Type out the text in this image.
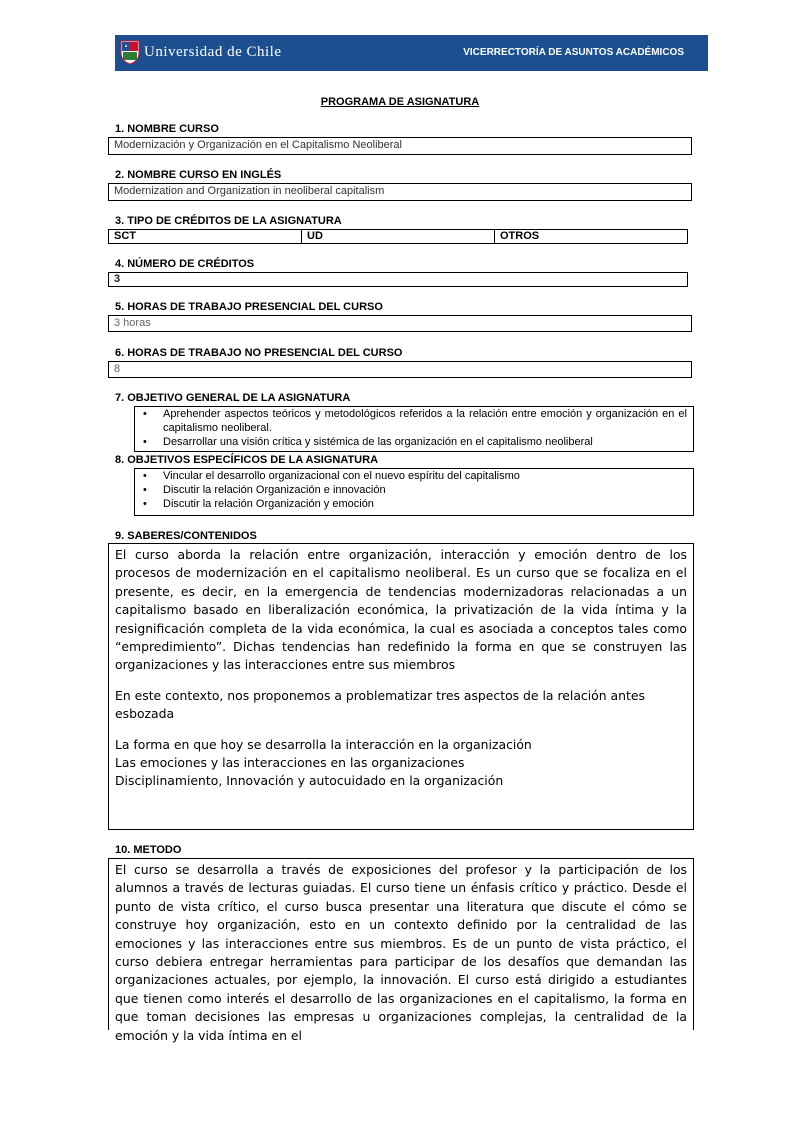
Universidad de Chile	VICERRECTORÍA DE ASUNTOS ACADÉMICOS
PROGRAMA DE ASIGNATURA
1. NOMBRE CURSO
Modernización y Organización en el Capitalismo Neoliberal
2. NOMBRE CURSO EN INGLÉS
Modernization and Organization in neoliberal capitalism
3. TIPO DE CRÉDITOS DE LA ASIGNATURA
SCT	UD	OTROS
4. NÚMERO DE CRÉDITOS
3
5. HORAS DE TRABAJO PRESENCIAL DEL CURSO
3 horas
6. HORAS DE TRABAJO NO PRESENCIAL DEL CURSO
8
7. OBJETIVO GENERAL DE LA ASIGNATURA
• Aprehender aspectos teóricos y metodológicos referidos a la relación entre emoción y organización en el capitalismo neoliberal.
• Desarrollar una visión crítica y sistémica de las organización en el capitalismo neoliberal
8. OBJETIVOS ESPECÍFICOS DE LA ASIGNATURA
• Vincular el desarrollo organizacional con el nuevo espíritu del capitalismo
• Discutir la relación Organización e innovación
• Discutir la relación Organización y emoción
9. SABERES/CONTENIDOS

El curso aborda la relación entre organización, interacción y emoción dentro de los procesos de modernización en el capitalismo neoliberal. Es un curso que se focaliza en el presente, es decir, en la emergencia de tendencias modernizadoras relacionadas a un capitalismo basado en liberalización económica, la privatización de la vida íntima y la resignificación completa de la vida económica, la cual es asociada a conceptos tales como “empredimiento”. Dichas tendencias han redefinido la forma en que se construyen las organizaciones y las interacciones entre sus miembros

En este contexto, nos proponemos a problematizar tres aspectos de la relación antes esbozada

La forma en que hoy se desarrolla la interacción en la organización

Las emociones y las interacciones en las organizaciones

Disciplinamiento, Innovación y autocuidado en la organización

10. METODO

El curso se desarrolla a través de exposiciones del profesor y la participación de los alumnos a través de lecturas guiadas. El curso tiene un énfasis crítico y práctico. Desde el punto de vista crítico, el curso busca presentar una literatura que discute el cómo se construye hoy organización, esto en un contexto definido por la centralidad de las emociones y las interacciones entre sus miembros. Es de un punto de vista práctico, el curso debiera entregar herramientas para participar de los desafíos que demandan las organizaciones actuales, por ejemplo, la innovación. El curso está dirigido a estudiantes que tienen como interés el desarrollo de las organizaciones en el capitalismo, la forma en que toman decisiones las empresas u organizaciones complejas, la centralidad de la emoción y la vida íntima en el
